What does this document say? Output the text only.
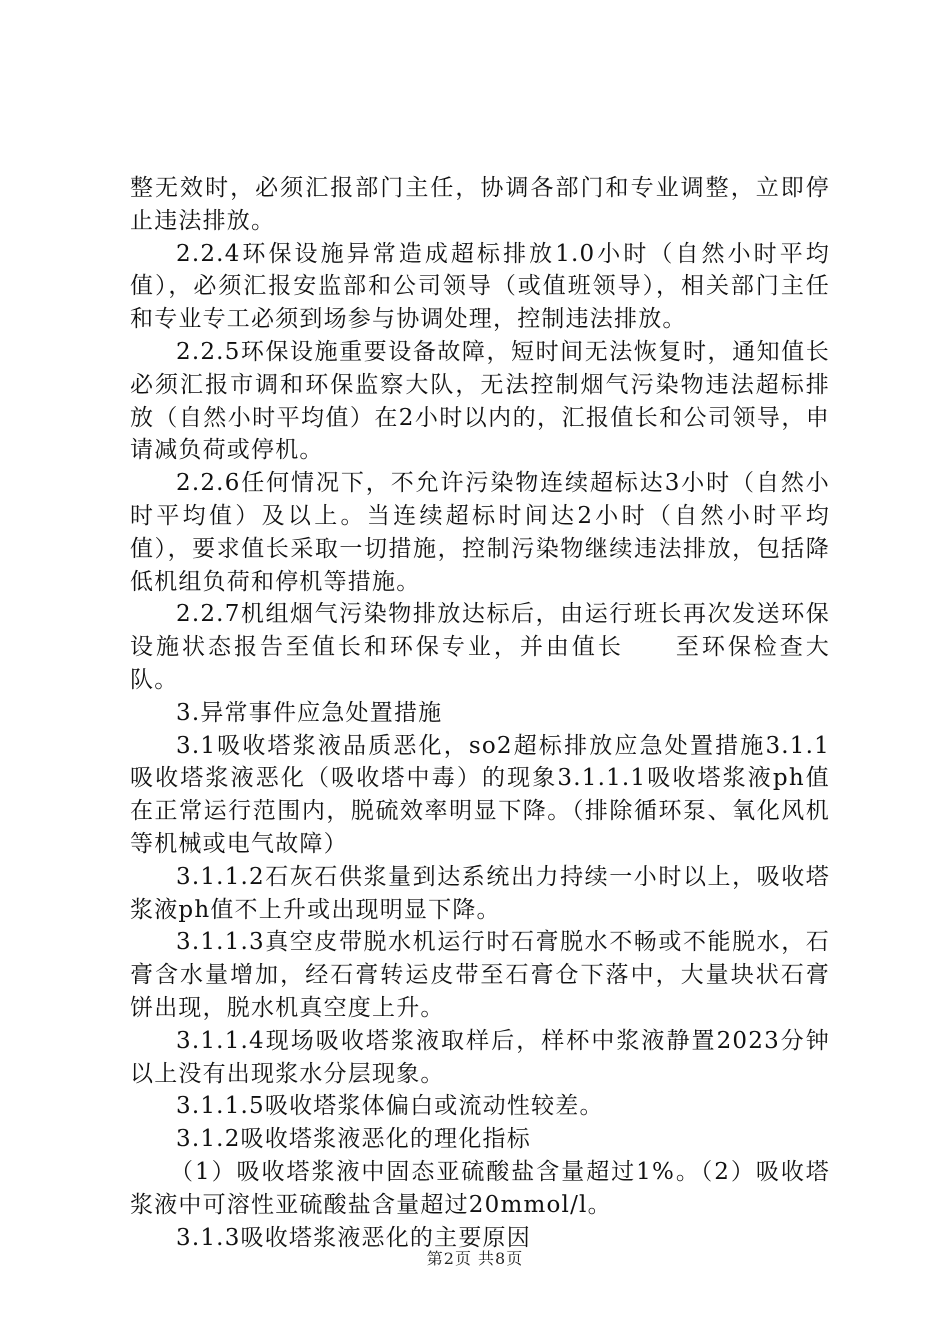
整无效时，必须汇报部门主任，协调各部门和专业调整，立即停止违法排放。

2.2.4环保设施异常造成超标排放1.0小时（自然小时平均值），必须汇报安监部和公司领导（或值班领导），相关部门主任和专业专工必须到场参与协调处理，控制违法排放。

2.2.5环保设施重要设备故障，短时间无法恢复时，通知值长必须汇报市调和环保监察大队，无法控制烟气污染物违法超标排放（自然小时平均值）在2小时以内的，汇报值长和公司领导，申请减负荷或停机。

2.2.6任何情况下，不允许污染物连续超标达3小时（自然小时平均值）及以上。当连续超标时间达2小时（自然小时平均值），要求值长采取一切措施，控制污染物继续违法排放，包括降低机组负荷和停机等措施。

2.2.7机组烟气污染物排放达标后，由运行班长再次发送环保设施状态报告至值长和环保专业，并由值长　　至环保检查大队。

3.异常事件应急处置措施

3.1吸收塔浆液品质恶化，so2超标排放应急处置措施3.1.1吸收塔浆液恶化（吸收塔中毒）的现象3.1.1.1吸收塔浆液ph值在正常运行范围内，脱硫效率明显下降。（排除循环泵、氧化风机等机械或电气故障）

3.1.1.2石灰石供浆量到达系统出力持续一小时以上，吸收塔浆液ph值不上升或出现明显下降。

3.1.1.3真空皮带脱水机运行时石膏脱水不畅或不能脱水，石膏含水量增加，经石膏转运皮带至石膏仓下落中，大量块状石膏饼出现，脱水机真空度上升。

3.1.1.4现场吸收塔浆液取样后，样杯中浆液静置2023分钟以上没有出现浆水分层现象。

3.1.1.5吸收塔浆体偏白或流动性较差。

3.1.2吸收塔浆液恶化的理化指标

（1）吸收塔浆液中固态亚硫酸盐含量超过1%。（2）吸收塔浆液中可溶性亚硫酸盐含量超过20mmol/l。

3.1.3吸收塔浆液恶化的主要原因

第2页 共8页
